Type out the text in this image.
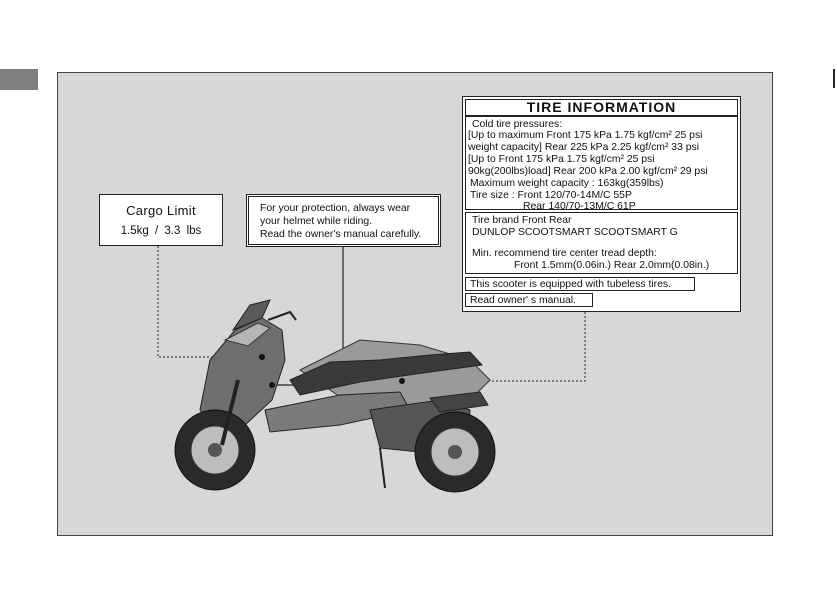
Cargo Limit
1.5kg / 3.3 lbs
For your protection, always wear
your helmet while riding.
Read the owner's manual carefully.
TIRE INFORMATION
Cold tire pressures:
[Up to maximum Front 175 kPa 1.75 kgf/cm² 25 psi
weight capacity] Rear 225 kPa 2.25 kgf/cm² 33 psi
[Up to Front 175 kPa 1.75 kgf/cm² 25 psi
90kg(200lbs)load] Rear 200 kPa 2.00 kgf/cm² 29 psi
Maximum weight capacity : 163kg(359lbs)
Tire size : Front 120/70-14M/C 55P
Rear 140/70-13M/C 61P
Tire brand Front Rear
DUNLOP SCOOTSMART SCOOTSMART G
Min. recommend tire center tread depth:
Front 1.5mm(0.06in.) Rear 2.0mm(0.08in.)
This scooter is equipped with tubeless tires.
Read owner' s manual.
